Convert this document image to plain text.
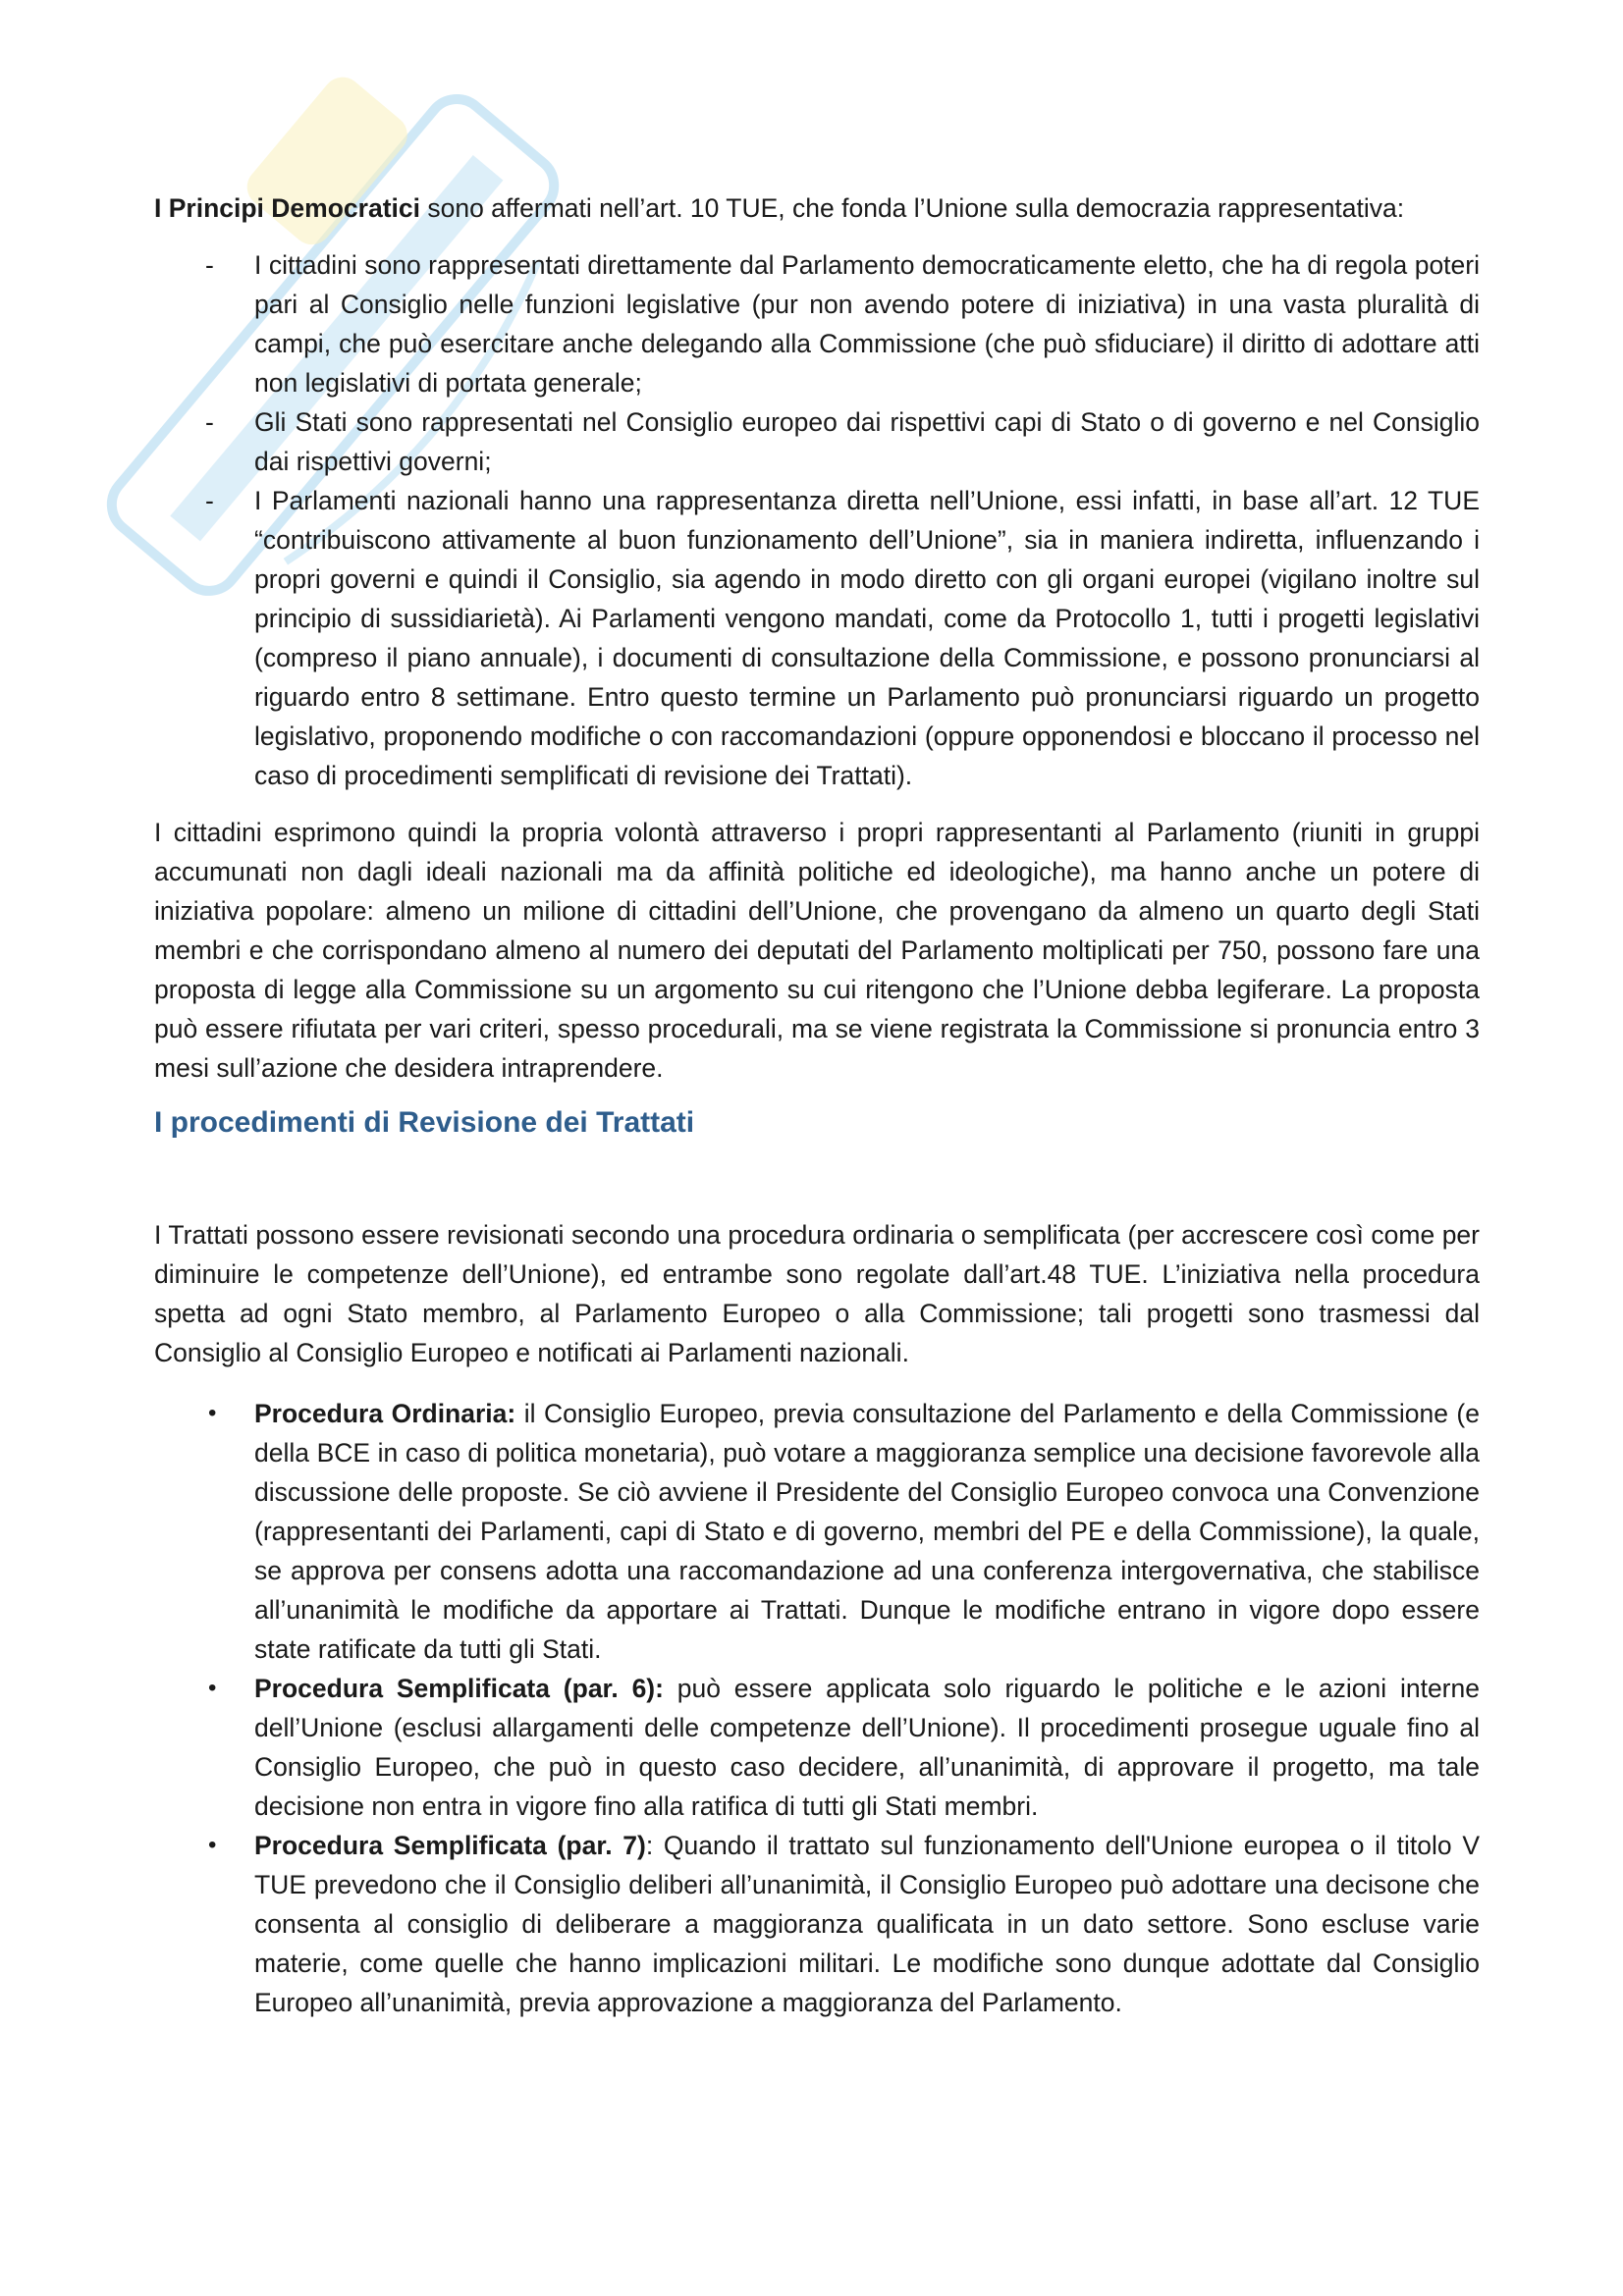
I Principi Democratici sono affermati nell’art. 10 TUE, che fonda l’Unione sulla democrazia rappresentativa:

- I cittadini sono rappresentati direttamente dal Parlamento democraticamente eletto, che ha di regola poteri pari al Consiglio nelle funzioni legislative (pur non avendo potere di iniziativa) in una vasta pluralità di campi, che può esercitare anche delegando alla Commissione (che può sfiduciare) il diritto di adottare atti non legislativi di portata generale;
- Gli Stati sono rappresentati nel Consiglio europeo dai rispettivi capi di Stato o di governo e nel Consiglio dai rispettivi governi;
- I Parlamenti nazionali hanno una rappresentanza diretta nell’Unione, essi infatti, in base all’art. 12 TUE “contribuiscono attivamente al buon funzionamento dell’Unione”, sia in maniera indiretta, influenzando i propri governi e quindi il Consiglio, sia agendo in modo diretto con gli organi europei (vigilano inoltre sul principio di sussidiarietà). Ai Parlamenti vengono mandati, come da Protocollo 1, tutti i progetti legislativi (compreso il piano annuale), i documenti di consultazione della Commissione, e possono pronunciarsi al riguardo entro 8 settimane. Entro questo termine un Parlamento può pronunciarsi riguardo un progetto legislativo, proponendo modifiche o con raccomandazioni (oppure opponendosi e bloccano il processo nel caso di procedimenti semplificati di revisione dei Trattati).

I cittadini esprimono quindi la propria volontà attraverso i propri rappresentanti al Parlamento (riuniti in gruppi accumunati non dagli ideali nazionali ma da affinità politiche ed ideologiche), ma hanno anche un potere di iniziativa popolare: almeno un milione di cittadini dell’Unione, che provengano da almeno un quarto degli Stati membri e che corrispondano almeno al numero dei deputati del Parlamento moltiplicati per 750, possono fare una proposta di legge alla Commissione su un argomento su cui ritengono che l’Unione debba legiferare. La proposta può essere rifiutata per vari criteri, spesso procedurali, ma se viene registrata la Commissione si pronuncia entro 3 mesi sull’azione che desidera intraprendere.

I procedimenti di Revisione dei Trattati

I Trattati possono essere revisionati secondo una procedura ordinaria o semplificata (per accrescere così come per diminuire le competenze dell’Unione), ed entrambe sono regolate dall’art.48 TUE. L’iniziativa nella procedura spetta ad ogni Stato membro, al Parlamento Europeo o alla Commissione; tali progetti sono trasmessi dal Consiglio al Consiglio Europeo e notificati ai Parlamenti nazionali.

• Procedura Ordinaria: il Consiglio Europeo, previa consultazione del Parlamento e della Commissione (e della BCE in caso di politica monetaria), può votare a maggioranza semplice una decisione favorevole alla discussione delle proposte. Se ciò avviene il Presidente del Consiglio Europeo convoca una Convenzione (rappresentanti dei Parlamenti, capi di Stato e di governo, membri del PE e della Commissione), la quale, se approva per consens adotta una raccomandazione ad una conferenza intergovernativa, che stabilisce all’unanimità le modifiche da apportare ai Trattati. Dunque le modifiche entrano in vigore dopo essere state ratificate da tutti gli Stati.
• Procedura Semplificata (par. 6): può essere applicata solo riguardo le politiche e le azioni interne dell’Unione (esclusi allargamenti delle competenze dell’Unione). Il procedimenti prosegue uguale fino al Consiglio Europeo, che può in questo caso decidere, all’unanimità, di approvare il progetto, ma tale decisione non entra in vigore fino alla ratifica di tutti gli Stati membri.
• Procedura Semplificata (par. 7): Quando il trattato sul funzionamento dell'Unione europea o il titolo V TUE prevedono che il Consiglio deliberi all’unanimità, il Consiglio Europeo può adottare una decisone che consenta al consiglio di deliberare a maggioranza qualificata in un dato settore. Sono escluse varie materie, come quelle che hanno implicazioni militari. Le modifiche sono dunque adottate dal Consiglio Europeo all’unanimità, previa approvazione a maggioranza del Parlamento.
